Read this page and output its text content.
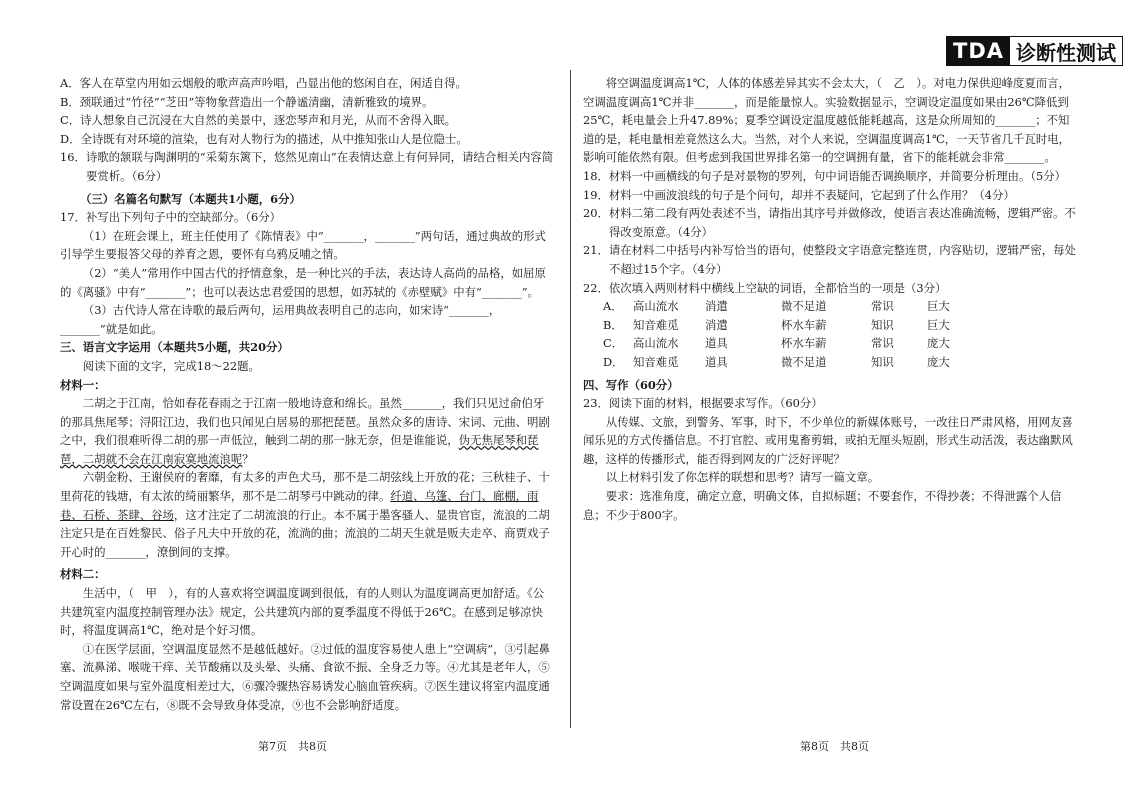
TDA 诊断性测试

A．客人在草堂内用如云烟般的歌声高声吟唱，凸显出他的悠闲自在，闲适自得。

B．颈联通过“竹径”“芝田”等物象营造出一个静谧清幽，清新雅致的境界。

C．诗人想象自己沉浸在大自然的美景中，逐恋琴声和月光，从而不舍得入眠。

D．全诗既有对环境的渲染，也有对人物行为的描述，从中推知张山人是位隐士。

16．诗歌的颔联与陶渊明的“采菊东篱下，悠然见南山”在表情达意上有何异同，请结合相关内容简要赏析。（6分）

（三）名篇名句默写（本题共1小题，6分）

17．补写出下列句子中的空缺部分。（6分）

（1）在班会课上，班主任使用了《陈情表》中“_______，_______”两句话，通过典故的形式引导学生要报答父母的养育之恩，要怀有乌鸦反哺之情。

（2）“美人”常用作中国古代的抒情意象，是一种比兴的手法，表达诗人高尚的品格，如屈原的《离骚》中有“_______”；也可以表达忠君爱国的思想，如苏轼的《赤壁赋》中有“_______”。

（3）古代诗人常在诗歌的最后两句，运用典故表明自己的志向，如宋诗“_______，_______”就是如此。

三、语言文字运用（本题共5小题，共20分）

阅读下面的文字，完成18～22题。

材料一：

二胡之于江南，恰如春花春雨之于江南一般地诗意和绵长。虽然_______，我们只见过俞伯牙的那具焦尾琴；浔阳江边，我们也只闻见白居易的那把琵琶。虽然众多的唐诗、宋词、元曲、明剧之中，我们很难听得二胡的那一声低泣，触到二胡的那一脉无奈，但是谁能说，伪无焦尾琴和琵琶，二胡就不会在江南寂寞地流浪呢？

六朝金粉、王谢侯府的奢靡，有太多的声色犬马，那不是二胡弦线上开放的花；三秋桂子、十里荷花的钱塘，有太浓的绮丽繁华，那不是二胡琴弓中跳动的律。纤道、乌篷、台门、廊棚，雨巷、石桥、茶肆、谷场，这才注定了二胡流浪的行止。本不属于墨客骚人、显贵官宦，流浪的二胡注定只是在百姓黎民、俗子凡夫中开放的花，流淌的曲；流浪的二胡天生就是贩夫走卒、商贾戏子开心时的_______，潦倒间的支撑。

材料二：

生活中，（　甲　），有的人喜欢将空调温度调到很低，有的人则认为温度调高更加舒适。《公共建筑室内温度控制管理办法》规定，公共建筑内部的夏季温度不得低于26℃。在感到足够凉快时，将温度调高1℃，绝对是个好习惯。

①在医学层面，空调温度显然不是越低越好。②过低的温度容易使人患上“空调病”，③引起鼻塞、流鼻涕、喉咙干痒、关节酸痛以及头晕、头痛、食欲不振、全身乏力等。④尤其是老年人，⑤空调温度如果与室外温度相差过大，⑥骤冷骤热容易诱发心脑血管疾病。⑦医生建议将室内温度通常设置在26℃左右，⑧既不会导致身体受凉，⑨也不会影响舒适度。

将空调温度调高1℃，人体的体感差异其实不会太大，（　乙　）。对电力保供迎峰度夏而言，空调温度调高1℃并非_______，而是能量惊人。实验数据显示，空调设定温度如果由26℃降低到25℃，耗电量会上升47.89%；夏季空调设定温度越低能耗越高，这是众所周知的_______；不知道的是，耗电量相差竟然这么大。当然，对个人来说，空调温度调高1℃，一天节省几千瓦时电，影响可能依然有限。但考虑到我国世界排名第一的空调拥有量，省下的能耗就会非常_______。

18．材料一中画横线的句子是对景物的罗列，句中词语能否调换顺序，并简要分析理由。（5分）

19．材料一中画波浪线的句子是个问句，却并不表疑问，它起到了什么作用？（4分）

20．材料二第二段有两处表述不当，请指出其序号并做修改，使语言表达准确流畅，逻辑严密。不得改变原意。（4分）

21．请在材料二中括号内补写恰当的语句，使整段文字语意完整连贯，内容贴切，逻辑严密，每处不超过15个字。（4分）

22．依次填入两则材料中横线上空缺的词语，全都恰当的一项是（3分）

A． 高山流水	消遣	微不足道	常识	巨大
B． 知音难觅	消遣	杯水车薪	知识	巨大
C． 高山流水	道具	杯水车薪	常识	庞大
D． 知音难觅	道具	微不足道	知识	庞大

四、写作（60分）

23．阅读下面的材料，根据要求写作。（60分）

从传媒、文旅，到警务、军事，时下，不少单位的新媒体账号，一改往日严肃风格，用网友喜闻乐见的方式传播信息。不打官腔、或用鬼畜剪辑，或拍无厘头短剧，形式生动活泼，表达幽默风趣，这样的传播形式，能否得到网友的广泛好评呢？

以上材料引发了你怎样的联想和思考？请写一篇文章。

要求：选准角度，确定立意，明确文体，自拟标题；不要套作，不得抄袭；不得泄露个人信息；不少于800字。

第7页　共8页	第8页　共8页
